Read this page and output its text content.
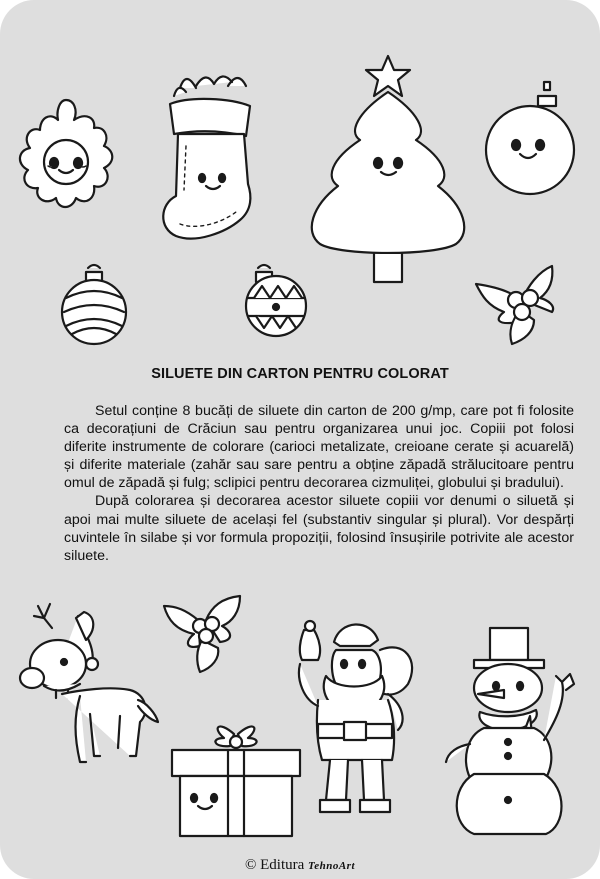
SILUETE DIN CARTON PENTRU COLORAT

Setul conține 8 bucăți de siluete din carton de 200 g/mp, care pot fi folosite ca decorațiuni de Crăciun sau pentru organizarea unui joc. Copiii pot folosi diferite instrumente de colorare (carioci metalizate, creioane cerate și acuarelă) și diferite materiale (zahăr sau sare pentru a obține zăpadă strălucitoare pentru omul de zăpadă și fulg; sclipici pentru decorarea cizmuliței, globului și bradului).

După colorarea și decorarea acestor siluete copiii vor denumi o siluetă și apoi mai multe siluete de același fel (substantiv singular și plural). Vor despărți cuvintele în silabe și vor formula propoziții, folosind însușirile potrivite ale acestor siluete.

© Editura TehnoArt
